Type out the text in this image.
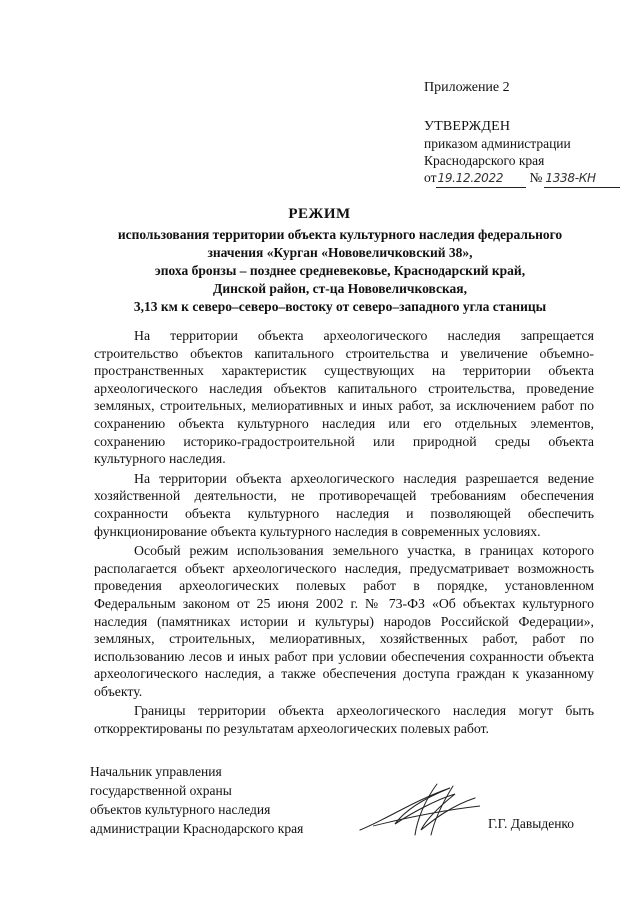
Приложение 2
УТВЕРЖДЕН
приказом администрации
Краснодарского края
от 19.12.2022	№ 1338-КН
РЕЖИМ
использования территории объекта культурного наследия федерального
значения «Курган «Нововеличковский 38»,
эпоха бронзы – позднее средневековье, Краснодарский край,
Динской район, ст-ца Нововеличковская,
3,13 км к северо–северо–востоку от северо–западного угла станицы

На территории объекта археологического наследия запрещается строительство объектов капитального строительства и увеличение объемно-пространственных характеристик существующих на территории объекта археологического наследия объектов капитального строительства, проведение земляных, строительных, мелиоративных и иных работ, за исключением работ по сохранению объекта культурного наследия или его отдельных элементов, сохранению историко-градостроительной или природной среды объекта культурного наследия.

На территории объекта археологического наследия разрешается ведение хозяйственной деятельности, не противоречащей требованиям обеспечения сохранности объекта культурного наследия и позволяющей обеспечить функционирование объекта культурного наследия в современных условиях.

Особый режим использования земельного участка, в границах которого располагается объект археологического наследия, предусматривает возможность проведения археологических полевых работ в порядке, установленном Федеральным законом от 25 июня 2002 г. № 73-ФЗ «Об объектах культурного наследия (памятниках истории и культуры) народов Российской Федерации», земляных, строительных, мелиоративных, хозяйственных работ, работ по использованию лесов и иных работ при условии обеспечения сохранности объекта археологического наследия, а также обеспечения доступа граждан к указанному объекту.

Границы территории объекта археологического наследия могут быть откорректированы по результатам археологических полевых работ.

Начальник управления
государственной охраны
объектов культурного наследия
администрации Краснодарского края	Г.Г. Давыденко
